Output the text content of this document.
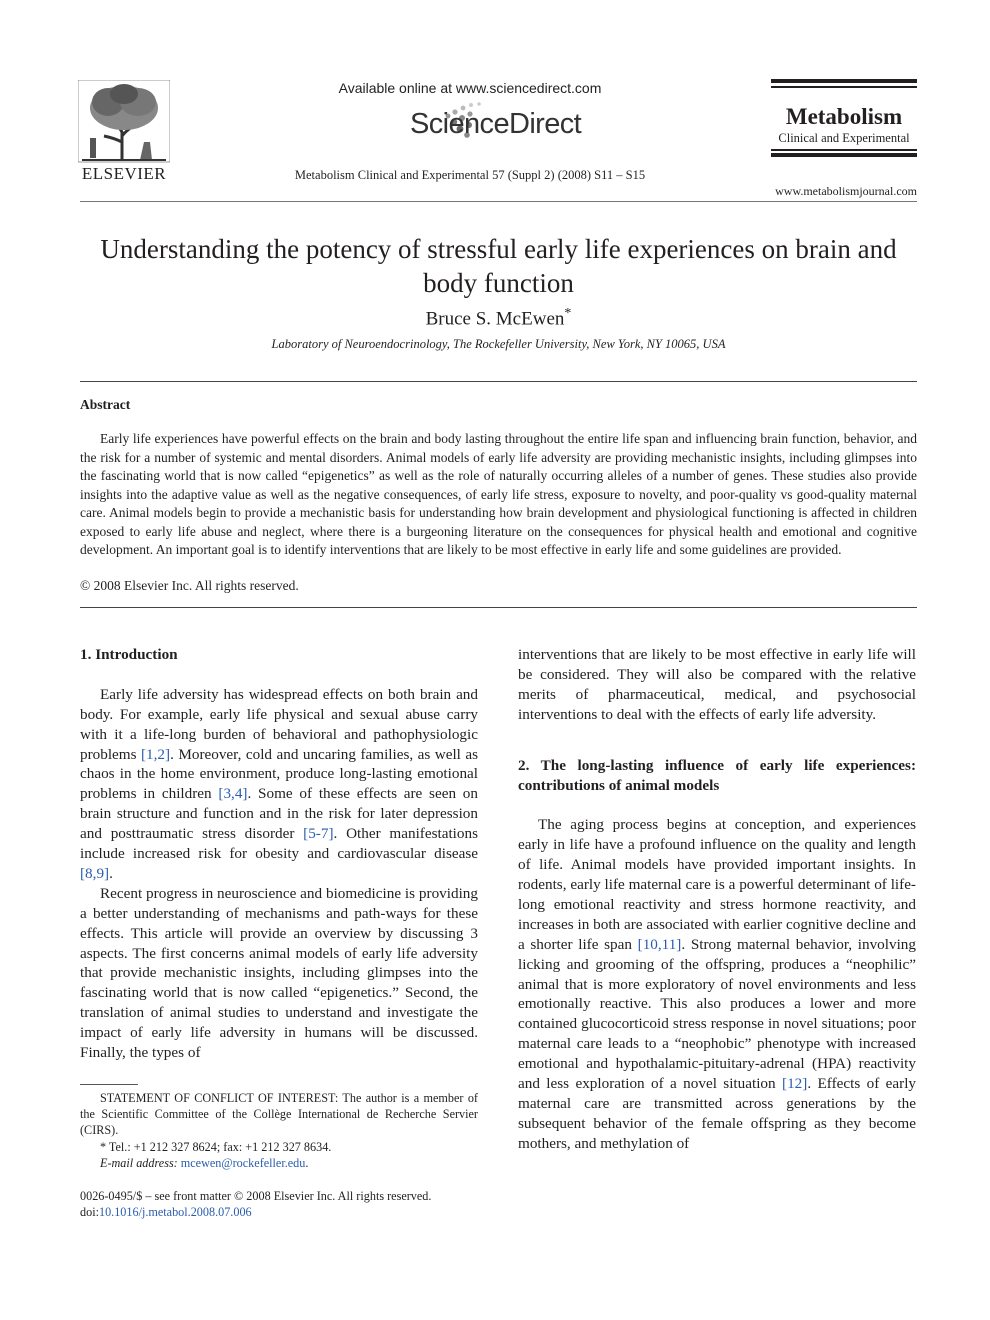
ELSEVIER
Available online at www.sciencedirect.com
ScienceDirect
Metabolism Clinical and Experimental 57 (Suppl 2) (2008) S11 – S15
Metabolism
Clinical and Experimental
www.metabolismjournal.com
Understanding the potency of stressful early life experiences on brain and body function
Bruce S. McEwen*
Laboratory of Neuroendocrinology, The Rockefeller University, New York, NY 10065, USA
Abstract

Early life experiences have powerful effects on the brain and body lasting throughout the entire life span and influencing brain function, behavior, and the risk for a number of systemic and mental disorders. Animal models of early life adversity are providing mechanistic insights, including glimpses into the fascinating world that is now called “epigenetics” as well as the role of naturally occurring alleles of a number of genes. These studies also provide insights into the adaptive value as well as the negative consequences, of early life stress, exposure to novelty, and poor-quality vs good-quality maternal care. Animal models begin to provide a mechanistic basis for understanding how brain development and physiological functioning is affected in children exposed to early life abuse and neglect, where there is a burgeoning literature on the consequences for physical health and emotional and cognitive development. An important goal is to identify interventions that are likely to be most effective in early life and some guidelines are provided.

© 2008 Elsevier Inc. All rights reserved.
1. Introduction

Early life adversity has widespread effects on both brain and body. For example, early life physical and sexual abuse carry with it a life-long burden of behavioral and pathophysiologic problems [1,2]. Moreover, cold and uncaring families, as well as chaos in the home environment, produce long-lasting emotional problems in children [3,4]. Some of these effects are seen on brain structure and function and in the risk for later depression and posttraumatic stress disorder [5-7]. Other manifestations include increased risk for obesity and cardiovascular disease [8,9].

Recent progress in neuroscience and biomedicine is providing a better understanding of mechanisms and path-ways for these effects. This article will provide an overview by discussing 3 aspects. The first concerns animal models of early life adversity that provide mechanistic insights, including glimpses into the fascinating world that is now called “epigenetics.” Second, the translation of animal studies to understand and investigate the impact of early life adversity in humans will be discussed. Finally, the types of

interventions that are likely to be most effective in early life will be considered. They will also be compared with the relative merits of pharmaceutical, medical, and psychosocial interventions to deal with the effects of early life adversity.

2. The long-lasting influence of early life experiences: contributions of animal models

The aging process begins at conception, and experiences early in life have a profound influence on the quality and length of life. Animal models have provided important insights. In rodents, early life maternal care is a powerful determinant of life-long emotional reactivity and stress hormone reactivity, and increases in both are associated with earlier cognitive decline and a shorter life span [10,11]. Strong maternal behavior, involving licking and grooming of the offspring, produces a “neophilic” animal that is more exploratory of novel environments and less emotionally reactive. This also produces a lower and more contained glucocorticoid stress response in novel situations; poor maternal care leads to a “neophobic” phenotype with increased emotional and hypothalamic-pituitary-adrenal (HPA) reactivity and less exploration of a novel situation [12]. Effects of early maternal care are transmitted across generations by the subsequent behavior of the female offspring as they become mothers, and methylation of

STATEMENT OF CONFLICT OF INTEREST: The author is a member of the Scientific Committee of the Collège International de Recherche Servier (CIRS).

* Tel.: +1 212 327 8624; fax: +1 212 327 8634.

E-mail address: mcewen@rockefeller.edu.

0026-0495/$ – see front matter © 2008 Elsevier Inc. All rights reserved.
doi:10.1016/j.metabol.2008.07.006
